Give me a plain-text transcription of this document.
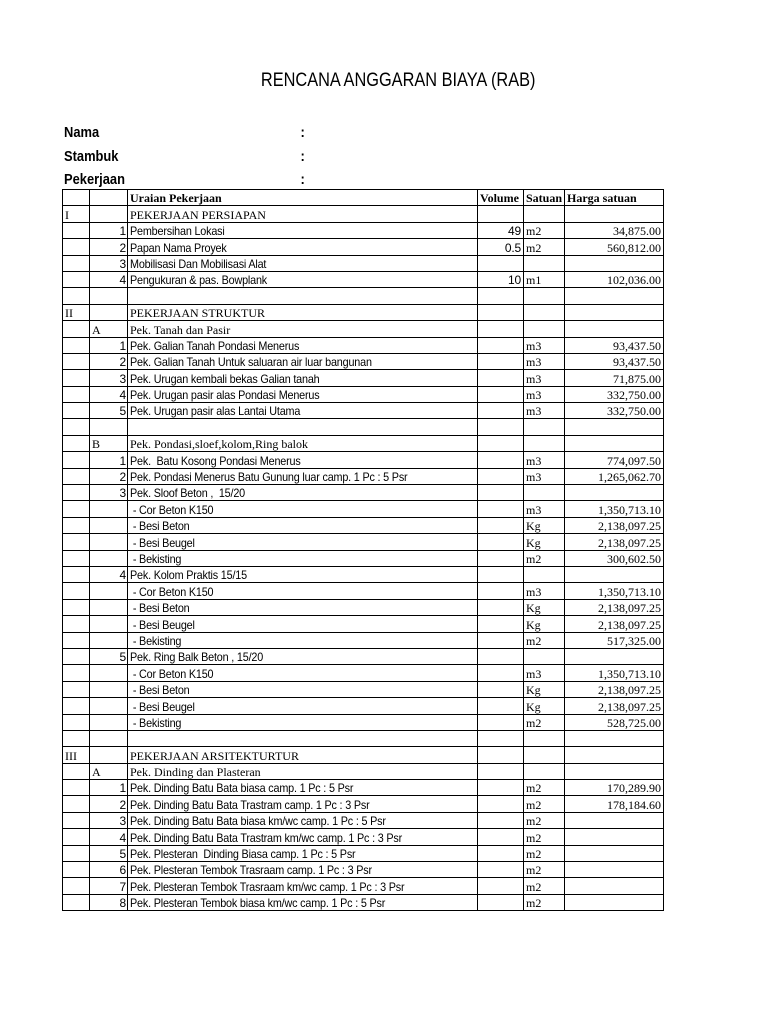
RENCANA ANGGARAN BIAYA (RAB)
Nama	:
Stambuk	:
Pekerjaan	:
		Uraian Pekerjaan	Volume	Satuan	Harga satuan
I		PEKERJAAN PERSIAPAN			

	1	Pembersihan Lokasi	49	m2	34,875.00

	2	Papan Nama Proyek	0.5	m2	560,812.00

	3	Mobilisasi Dan Mobilisasi Alat			

	4	Pengukuran & pas. Bowplank	10	m1	102,036.00

II		PEKERJAAN STRUKTUR			
	A	Pek. Tanah dan Pasir			

	1	Pek. Galian Tanah Pondasi Menerus		m3	93,437.50

	2	Pek. Galian Tanah Untuk saluaran air luar bangunan		m3	93,437.50

	3	Pek. Urugan kembali bekas Galian tanah		m3	71,875.00

	4	Pek. Urugan pasir alas Pondasi Menerus		m3	332,750.00

	5	Pek. Urugan pasir alas Lantai Utama		m3	332,750.00

	B	Pek. Pondasi,sloef,kolom,Ring balok			

	1	Pek.  Batu Kosong Pondasi Menerus		m3	774,097.50

	2	Pek. Pondasi Menerus Batu Gunung luar camp. 1 Pc : 5 Psr		m3	1,265,062.70

	3	Pek. Sloof Beton ,  15/20			

	- Cor Beton K150		m3	1,350,713.10

	- Besi Beton		Kg	2,138,097.25

	- Besi Beugel		Kg	2,138,097.25

	- Bekisting		m2	300,602.50

	4	Pek. Kolom Praktis 15/15			

	- Cor Beton K150		m3	1,350,713.10

	- Besi Beton		Kg	2,138,097.25

	- Besi Beugel		Kg	2,138,097.25

	- Bekisting		m2	517,325.00

	5	Pek. Ring Balk Beton , 15/20			

	- Cor Beton K150		m3	1,350,713.10

	- Besi Beton		Kg	2,138,097.25

	- Besi Beugel		Kg	2,138,097.25

	- Bekisting		m2	528,725.00

III		PEKERJAAN ARSITEKTURTUR			
	A	Pek. Dinding dan Plasteran			

	1	Pek. Dinding Batu Bata biasa camp. 1 Pc : 5 Psr		m2	170,289.90

	2	Pek. Dinding Batu Bata Trastram camp. 1 Pc : 3 Psr		m2	178,184.60

	3	Pek. Dinding Batu Bata biasa km/wc camp. 1 Pc : 5 Psr		m2	

	4	Pek. Dinding Batu Bata Trastram km/wc camp. 1 Pc : 3 Psr		m2	

	5	Pek. Plesteran  Dinding Biasa camp. 1 Pc : 5 Psr		m2	

	6	Pek. Plesteran Tembok Trasraam camp. 1 Pc : 3 Psr		m2	

	7	Pek. Plesteran Tembok Trasraam km/wc camp. 1 Pc : 3 Psr		m2	

	8	Pek. Plesteran Tembok biasa km/wc camp. 1 Pc : 5 Psr		m2	
